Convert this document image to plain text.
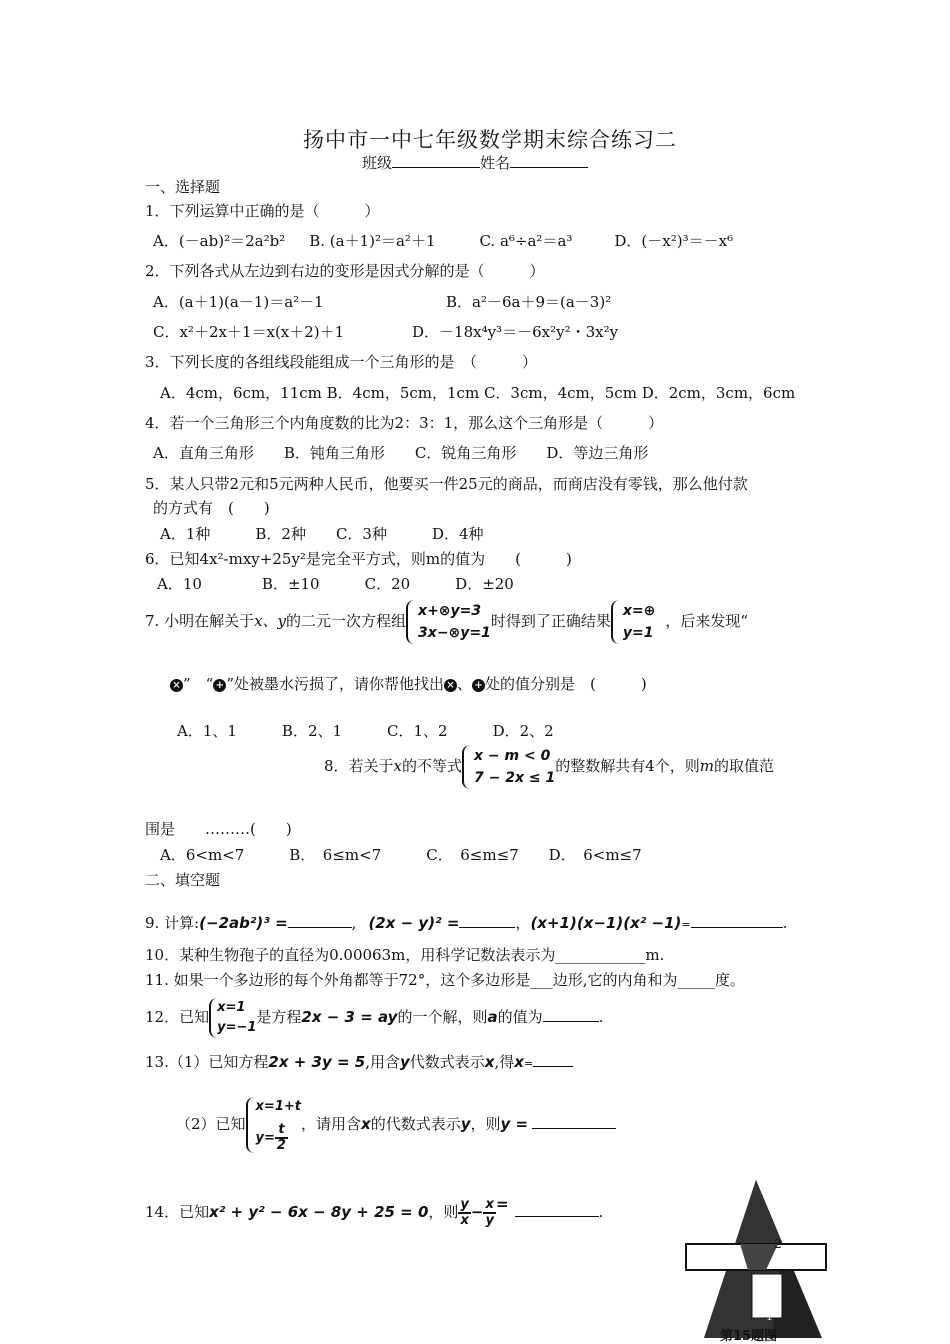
扬中市一中七年级数学期末综合练习二
班级	姓名
一、选择题
1．下列运算中正确的是（　　　）
A．(－ab)²＝2a²b² B. (a＋1)²＝a²＋1	C. a⁶÷a²＝a³	D．(－x²)³＝－x⁶
2．下列各式从左边到右边的变形是因式分解的是（　　　）
A．(a＋1)(a－1)＝a²－1	B．a²－6a＋9＝(a－3)²
C．x²＋2x＋1＝x(x＋2)＋1	D．－18x⁴y³＝－6x²y²・3x²y
3．下列长度的各组线段能组成一个三角形的是　（　　　）
A．4cm，6cm，11cm B．4cm，5cm，1cm C．3cm，4cm，5cm D．2cm，3cm，6cm
4．若一个三角形三个内角度数的比为2：3：1，那么这个三角形是（　　　）
A．直角三角形　　B．钝角三角形　　C．锐角三角形　　D．等边三角形
5．某人只带2元和5元两种人民币，他要买一件25元的商品，而商店没有零钱，那么他付款
的方式有　(　　)
A．1种　　　B．2种　　C．3种　　　D．4种
6．已知4x²-mxy+25y²是完全平方式，则m的值为　　(　　　)
A．10　　　　B．±10　　　C．20　　　D．±20
7. 小明在解关于x、y的二元一次方程组
x+⊗y=3
3x−⊗y=1
时得到了正确结果
x=⊕
y=1
，后来发现“
× ”　“ + ”处被墨水污损了，请你帮他找出 × 、 + 处的值分别是　(　　　)
A．1、1　　　B．2、1　　　C．1、2　　　D．2、2
8．若关于x的不等式
x − m < 0
7 − 2x ≤ 1
的整数解共有4个，则m的取值范
围是　　………(　　)
A．6<m<7　　　B．　6≤m<7　　　C．　6≤m≤7　　D．　6<m≤7
二、填空题
9. 计算:(−2ab²)³ =	, (2x − y)² =	，(x+1)(x−1)(x² −1)=	.
10．某种生物孢子的直径为0.00063m，用科学记数法表示为____________m.
11. 如果一个多边形的每个外角都等于72°，这个多边形是___边形,它的内角和为_____度。
12．已知
x=1
y=−1
是方程2x − 3 = ay的一个解，则a的值为	.
13.（1）已知方程2x + 3y = 5,用含y代数式表示x,得x=
（2）已知
x=1+t
$y= \frac{t}{2}$ ，请用含x的代数式表示y，则y =
14．已知x² + y² − 6x − 8y + 25 = 0，则 $\frac{y}{x} - \frac{x}{y}$ =	.
2
1
第15题图
